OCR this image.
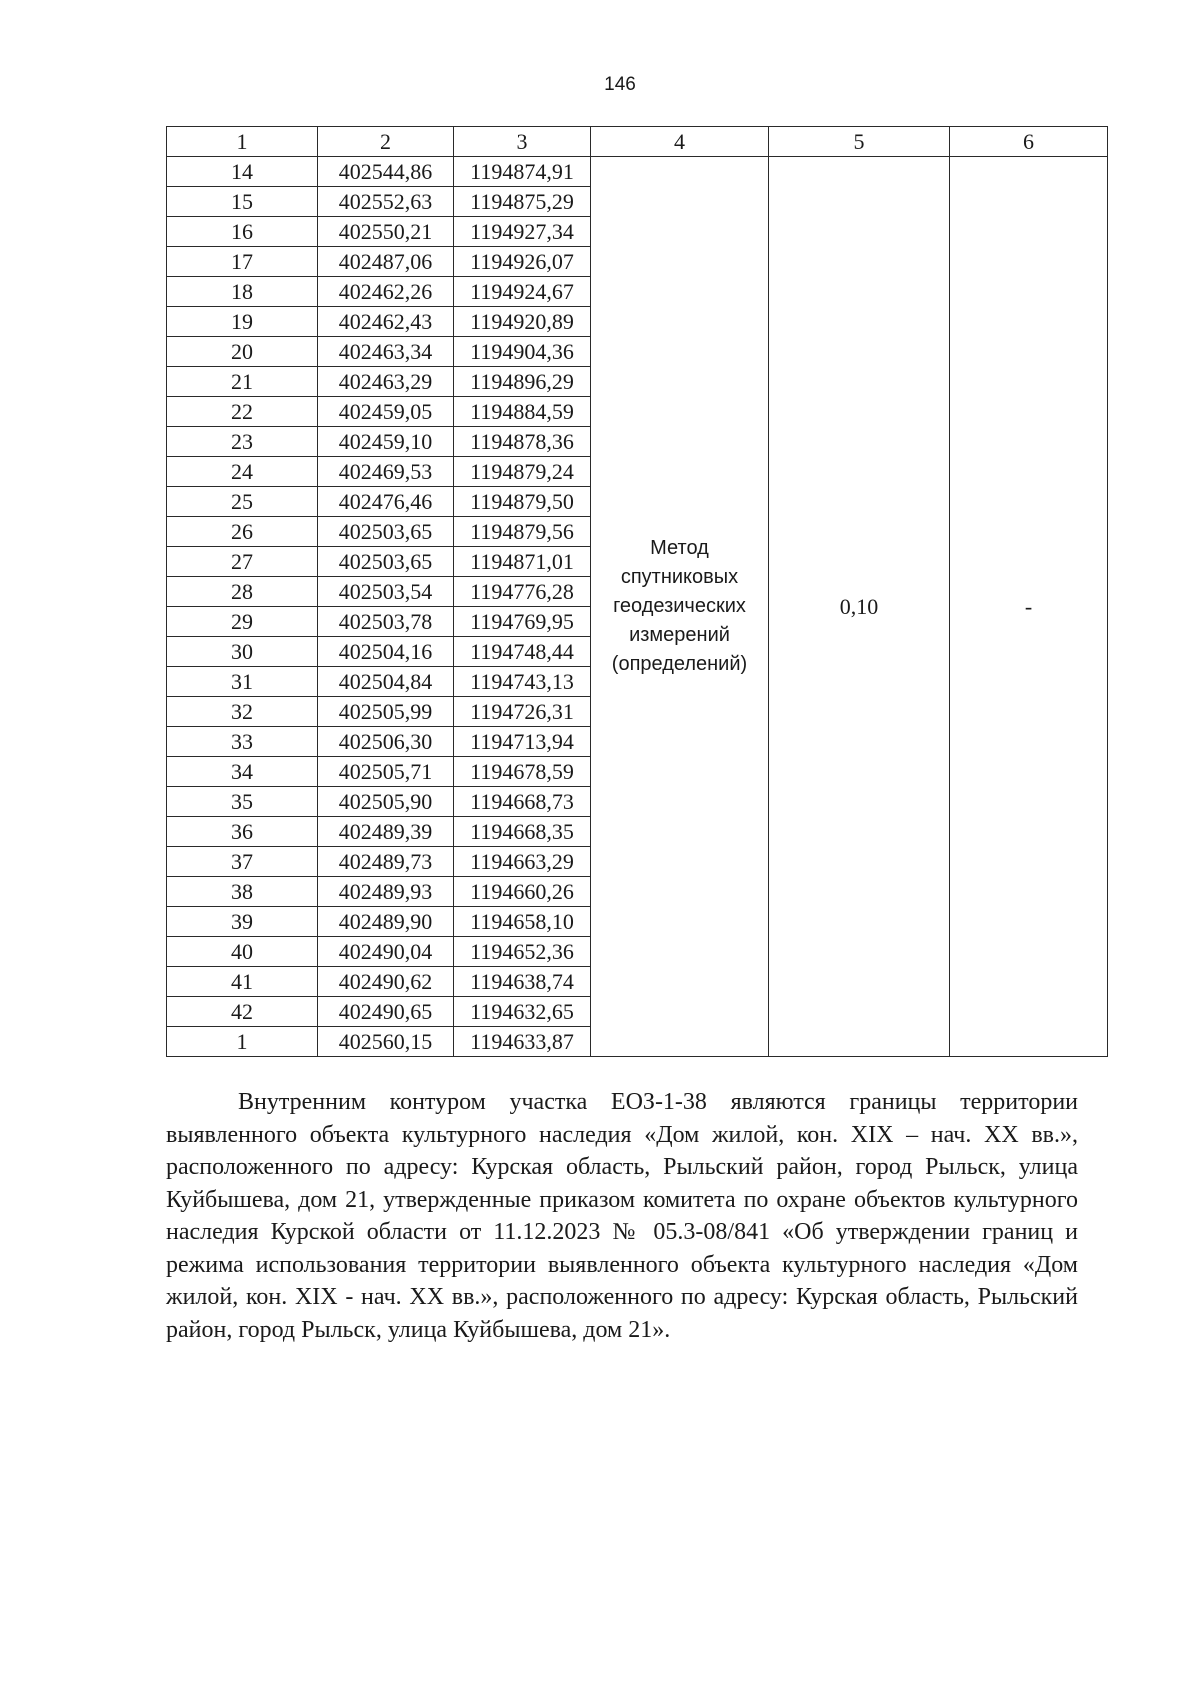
146
1	2	3	4	5	6
14	402544,86	1194874,91	Метод
спутниковых
геодезических
измерений
(определений)	0,10	-
15	402552,63	1194875,29			
16	402550,21	1194927,34			
17	402487,06	1194926,07			
18	402462,26	1194924,67			
19	402462,43	1194920,89			
20	402463,34	1194904,36			
21	402463,29	1194896,29			
22	402459,05	1194884,59			
23	402459,10	1194878,36			
24	402469,53	1194879,24			
25	402476,46	1194879,50			
26	402503,65	1194879,56			
27	402503,65	1194871,01			
28	402503,54	1194776,28			
29	402503,78	1194769,95			
30	402504,16	1194748,44			
31	402504,84	1194743,13			
32	402505,99	1194726,31			
33	402506,30	1194713,94			
34	402505,71	1194678,59			
35	402505,90	1194668,73			
36	402489,39	1194668,35			
37	402489,73	1194663,29			
38	402489,93	1194660,26			
39	402489,90	1194658,10			
40	402490,04	1194652,36			
41	402490,62	1194638,74			
42	402490,65	1194632,65			
1	402560,15	1194633,87			

Внутренним контуром участка ЕОЗ-1-38 являются границы территории выявленного объекта культурного наследия «Дом жилой, кон. XIX – нач. XX вв.», расположенного по адресу: Курская область, Рыльский район, город Рыльск, улица Куйбышева, дом 21, утвержденные приказом комитета по охране объектов культурного наследия Курской области от 11.12.2023 № 05.3-08/841 «Об утверждении границ и режима использования территории выявленного объекта культурного наследия «Дом жилой, кон. XIX - нач. XX вв.», расположенного по адресу: Курская область, Рыльский район, город Рыльск, улица Куйбышева, дом 21».
